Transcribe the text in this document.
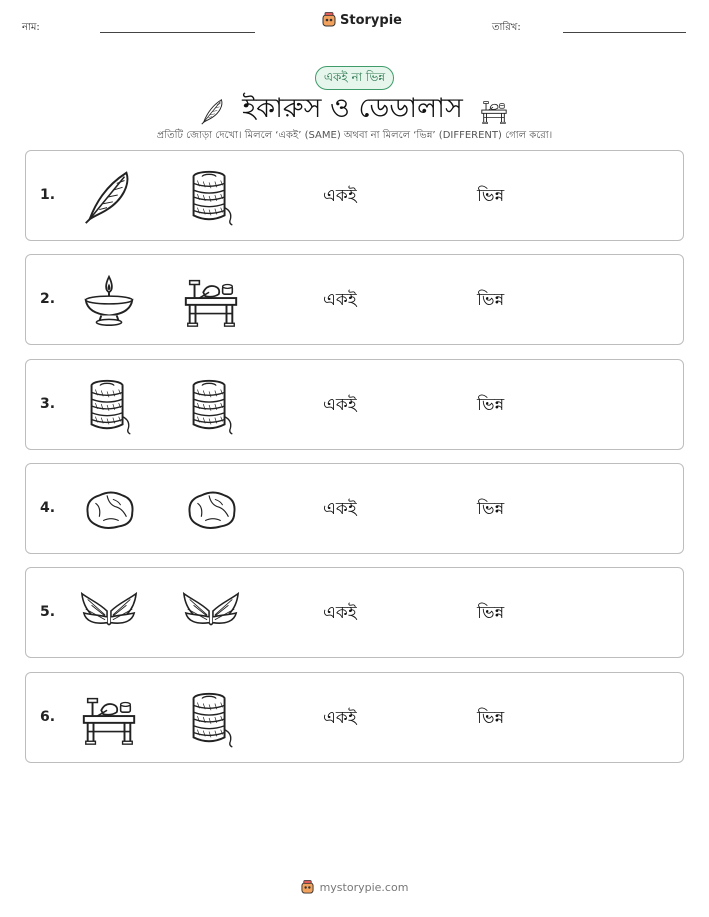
নাম:	Storypie	তারিখ:
একই না ভিন্ন
ইকারুস ও ডেডালাস
প্রতিটি জোড়া দেখো। মিললে ‘একই’ (SAME) অথবা না মিললে ‘ভিন্ন’ (DIFFERENT) গোল করো।
1.	একই	ভিন্ন
2.	একই	ভিন্ন
3.	একই	ভিন্ন
4.	একই	ভিন্ন
5.	একই	ভিন্ন
6.	একই	ভিন্ন
mystorypie.com
